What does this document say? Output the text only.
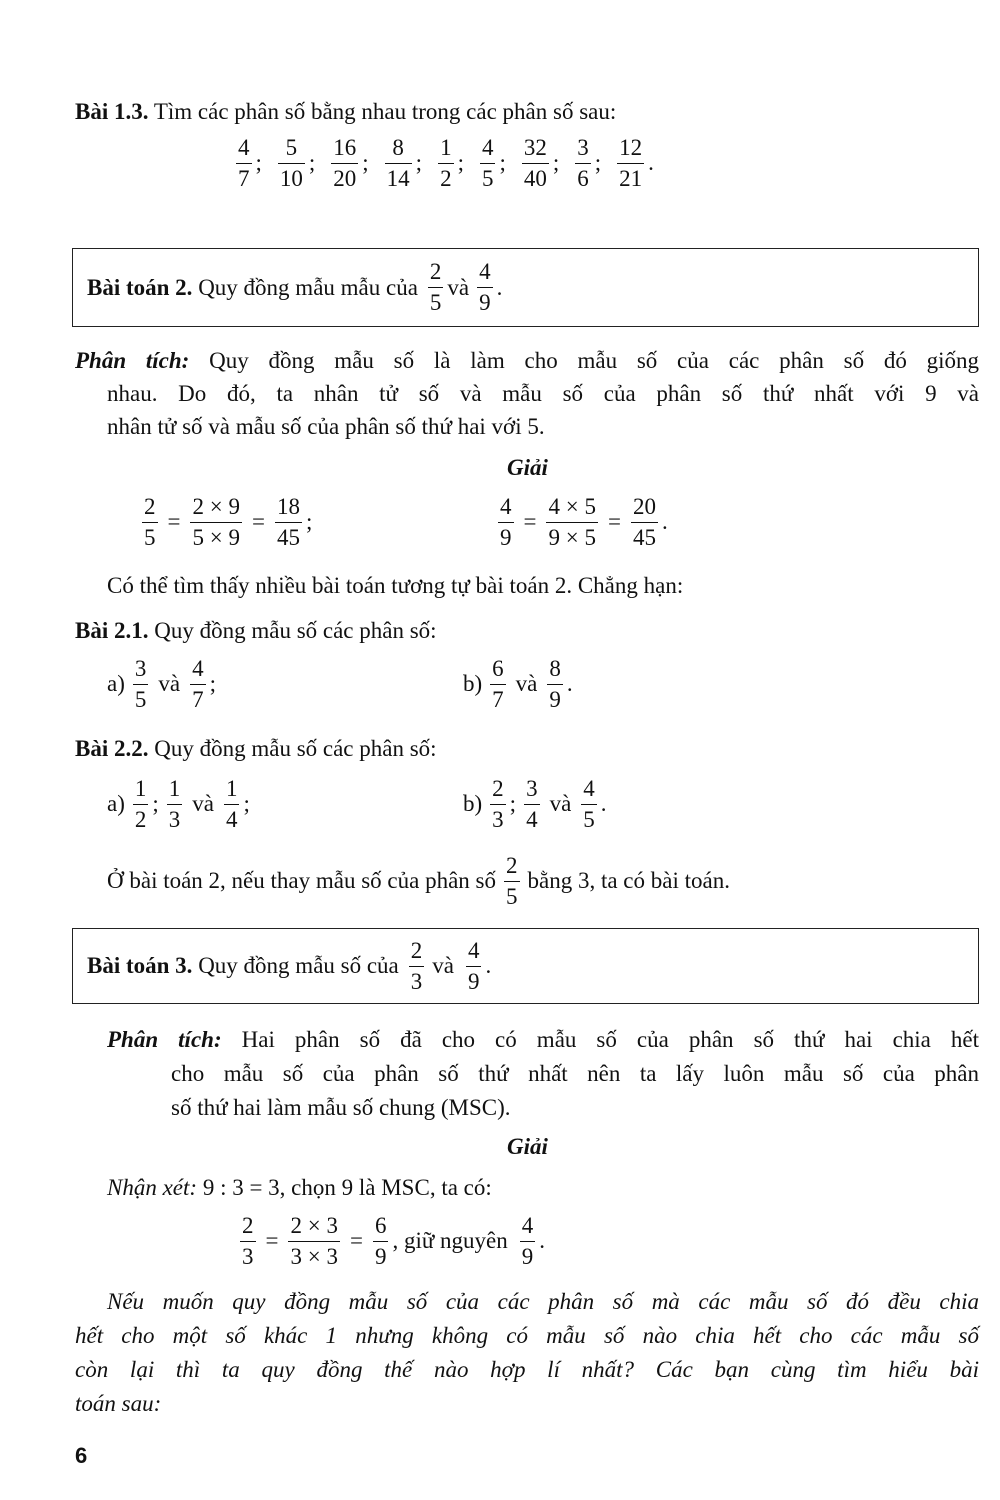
Bài 1.3. Tìm các phân số bằng nhau trong các phân số sau:
$\frac{4}{7}$ ; $\frac{5}{10}$ ; $\frac{16}{20}$ ; $\frac{8}{14}$ ; $\frac{1}{2}$ ; $\frac{4}{5}$ ; $\frac{32}{40}$ ; $\frac{3}{6}$ ; $\frac{12}{21}$ .
Bài toán 2.
Quy đồng mẫu mẫu của $\frac{2}{5}$ và $\frac{4}{9}$ .
Phân tích: Quy đồng mẫu số là làm cho mẫu số của các phân số đó giống
nhau. Do đó, ta nhân tử số và mẫu số của phân số thứ nhất với 9 và
nhân tử số và mẫu số của phân số thứ hai với 5.
Giải
$\frac{2}{5} = \frac{2 \times 9}{5 \times 9} = \frac{18}{45}$ ;	$\frac{4}{9} = \frac{4 \times 5}{9 \times 5} = \frac{20}{45}$ .
Có thể tìm thấy nhiều bài toán tương tự bài toán 2. Chẳng hạn:
Bài 2.1. Quy đồng mẫu số các phân số:
$a) \frac{3}{5}$ và $\frac{4}{7}$ ;	$b) \frac{6}{7}$ và $\frac{8}{9}$ .
Bài 2.2. Quy đồng mẫu số các phân số:
$a) \frac{1}{2}$ ; $\frac{1}{3}$ và $\frac{1}{4}$ ;	$b) \frac{2}{3}$ ; $\frac{3}{4}$ và $\frac{4}{5}$ .
Ở bài toán 2, nếu thay mẫu số của phân số $\frac{2}{5}$ bằng 3, ta có bài toán.
Bài toán 3.
Quy đồng mẫu số của $\frac{2}{3}$ và $\frac{4}{9}$ .
Phân tích: Hai phân số đã cho có mẫu số của phân số thứ hai chia hết
cho mẫu số của phân số thứ nhất nên ta lấy luôn mẫu số của phân
số thứ hai làm mẫu số chung (MSC).
Giải
Nhận xét: 9 : 3 = 3, chọn 9 là MSC, ta có:
$\frac{2}{3} = \frac{2 \times 3}{3 \times 3} = \frac{6}{9}$ , giữ nguyên $\frac{4}{9}$ .
Nếu muốn quy đồng mẫu số của các phân số mà các mẫu số đó đều chia
hết cho một số khác 1 nhưng không có mẫu số nào chia hết cho các mẫu số
còn lại thì ta quy đồng thế nào hợp lí nhất? Các bạn cùng tìm hiểu bài
toán sau:
6
